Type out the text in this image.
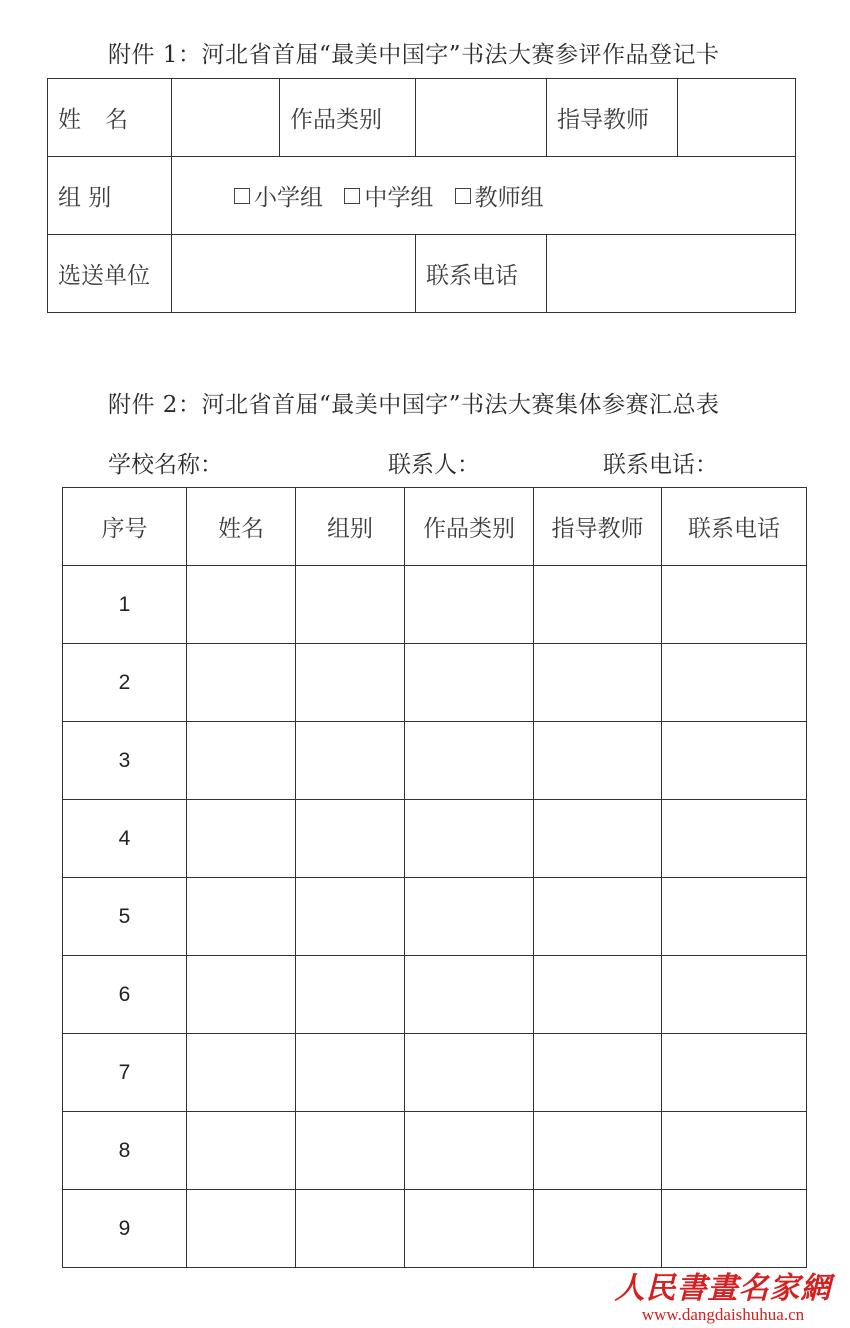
附件 1：河北省首届“最美中国字”书法大赛参评作品登记卡
姓名		作品类别		指导教师	
组 别	小学组
中学组
教师组				

选送单位			联系电话		
附件 2：河北省首届“最美中国字”书法大赛集体参赛汇总表
学校名称：	联系人：	联系电话：
序号	姓名	组别	作品类别	指导教师	联系电话
1					
2					
3					
4					
5					
6					
7					
8					
9					
人民書畫名家網
www.dangdaishuhua.cn
